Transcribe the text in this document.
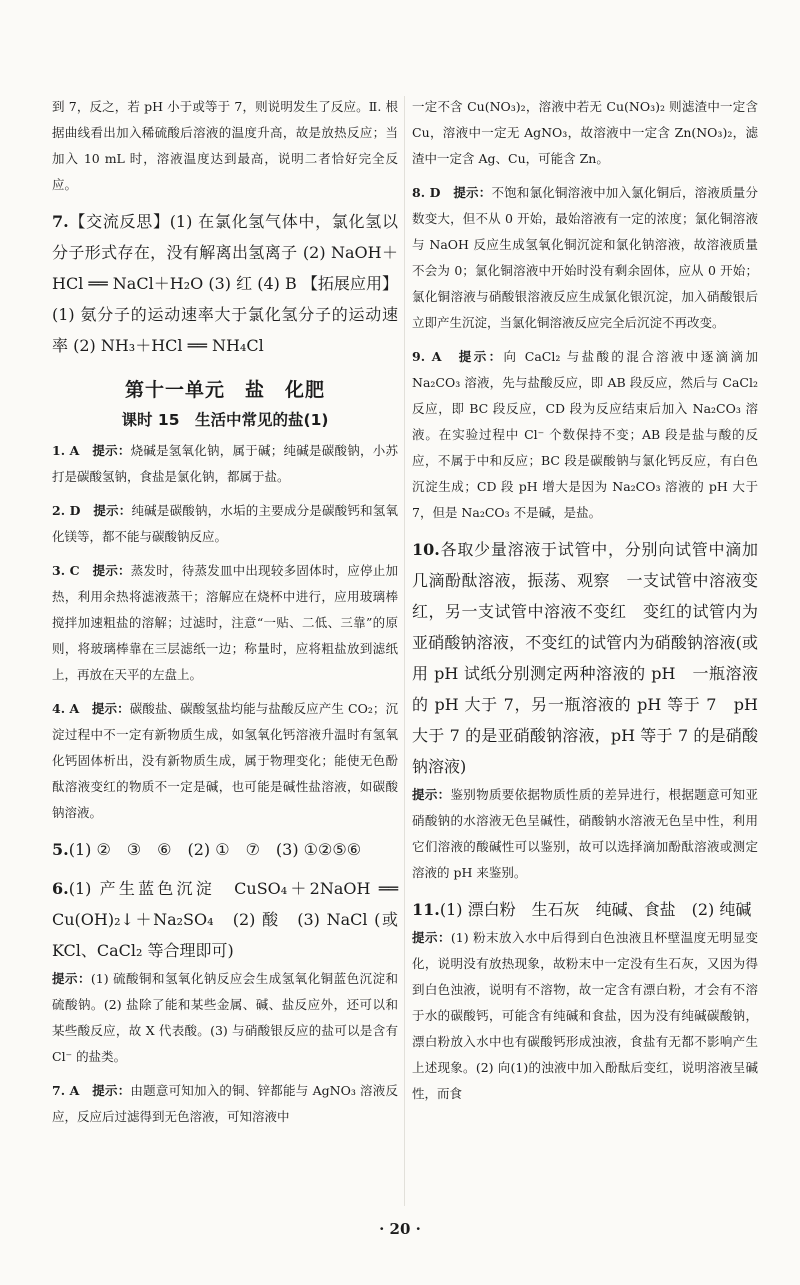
到 7，反之，若 pH 小于或等于 7，则说明发生了反应。Ⅱ. 根据曲线看出加入稀硫酸后溶液的温度升高，故是放热反应；当加入 10 mL 时，溶液温度达到最高，说明二者恰好完全反应。

7.【交流反思】(1) 在氯化氢气体中，氯化氢以分子形式存在，没有解离出氢离子 (2) NaOH＋HCl ══ NaCl＋H₂O (3) 红 (4) B 【拓展应用】(1) 氨分子的运动速率大于氯化氢分子的运动速率 (2) NH₃＋HCl ══ NH₄Cl

第十一单元　盐　化肥
课时 15　生活中常见的盐(1)

1. A　 提示：烧碱是氢氧化钠，属于碱；纯碱是碳酸钠，小苏打是碳酸氢钠，食盐是氯化钠，都属于盐。

2. D　 提示：纯碱是碳酸钠，水垢的主要成分是碳酸钙和氢氧化镁等，都不能与碳酸钠反应。

3. C　 提示：蒸发时，待蒸发皿中出现较多固体时，应停止加热，利用余热将滤液蒸干；溶解应在烧杯中进行，应用玻璃棒搅拌加速粗盐的溶解；过滤时，注意“一贴、二低、三靠”的原则，将玻璃棒靠在三层滤纸一边；称量时，应将粗盐放到滤纸上，再放在天平的左盘上。

4. A　 提示：碳酸盐、碳酸氢盐均能与盐酸反应产生 CO₂；沉淀过程中不一定有新物质生成，如氢氧化钙溶液升温时有氢氧化钙固体析出，没有新物质生成，属于物理变化；能使无色酚酞溶液变红的物质不一定是碱，也可能是碱性盐溶液，如碳酸钠溶液。

5.(1) ②　③　⑥　(2) ①　⑦　(3) ①②⑤⑥

6.(1) 产生蓝色沉淀　CuSO₄＋2NaOH ══ Cu(OH)₂↓＋Na₂SO₄　(2) 酸　(3) NaCl (或 KCl、CaCl₂ 等合理即可)

提示：(1) 硫酸铜和氢氧化钠反应会生成氢氧化铜蓝色沉淀和硫酸钠。(2) 盐除了能和某些金属、碱、盐反应外，还可以和某些酸反应，故 X 代表酸。(3) 与硝酸银反应的盐可以是含有 Cl⁻ 的盐类。

7. A　 提示：由题意可知加入的铜、锌都能与 AgNO₃ 溶液反应，反应后过滤得到无色溶液，可知溶液中

一定不含 Cu(NO₃)₂，溶液中若无 Cu(NO₃)₂ 则滤渣中一定含 Cu，溶液中一定无 AgNO₃，故溶液中一定含 Zn(NO₃)₂，滤渣中一定含 Ag、Cu，可能含 Zn。

8. D　 提示：不饱和氯化铜溶液中加入氯化铜后，溶液质量分数变大，但不从 0 开始，最始溶液有一定的浓度；氯化铜溶液与 NaOH 反应生成氢氧化铜沉淀和氯化钠溶液，故溶液质量不会为 0；氯化铜溶液中开始时没有剩余固体，应从 0 开始；氯化铜溶液与硝酸银溶液反应生成氯化银沉淀，加入硝酸银后立即产生沉淀，当氯化铜溶液反应完全后沉淀不再改变。

9. A　 提示：向 CaCl₂ 与盐酸的混合溶液中逐滴滴加 Na₂CO₃ 溶液，先与盐酸反应，即 AB 段反应，然后与 CaCl₂ 反应，即 BC 段反应，CD 段为反应结束后加入 Na₂CO₃ 溶液。在实验过程中 Cl⁻ 个数保持不变；AB 段是盐与酸的反应，不属于中和反应；BC 段是碳酸钠与氯化钙反应，有白色沉淀生成；CD 段 pH 增大是因为 Na₂CO₃ 溶液的 pH 大于 7，但是 Na₂CO₃ 不是碱，是盐。

10.各取少量溶液于试管中，分别向试管中滴加几滴酚酞溶液，振荡、观察　一支试管中溶液变红，另一支试管中溶液不变红　变红的试管内为亚硝酸钠溶液，不变红的试管内为硝酸钠溶液(或用 pH 试纸分别测定两种溶液的 pH　一瓶溶液的 pH 大于 7，另一瓶溶液的 pH 等于 7　pH 大于 7 的是亚硝酸钠溶液，pH 等于 7 的是硝酸钠溶液)

提示：鉴别物质要依据物质性质的差异进行，根据题意可知亚硝酸钠的水溶液无色呈碱性，硝酸钠水溶液无色呈中性，利用它们溶液的酸碱性可以鉴别，故可以选择滴加酚酞溶液或测定溶液的 pH 来鉴别。

11.(1) 漂白粉　生石灰　纯碱、食盐　(2) 纯碱

提示：(1) 粉末放入水中后得到白色浊液且杯壁温度无明显变化，说明没有放热现象，故粉末中一定没有生石灰，又因为得到白色浊液，说明有不溶物，故一定含有漂白粉，才会有不溶于水的碳酸钙，可能含有纯碱和食盐，因为没有纯碱碳酸钠，漂白粉放入水中也有碳酸钙形成浊液，食盐有无都不影响产生上述现象。(2) 向(1)的浊液中加入酚酞后变红，说明溶液呈碱性，而食

· 20 ·
